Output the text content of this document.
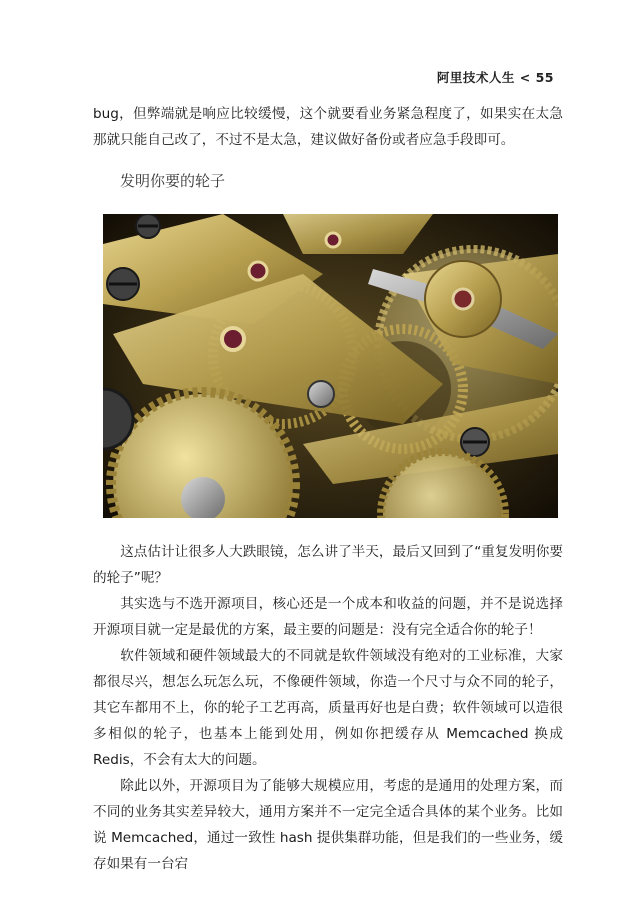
阿里技术人生 < 55

bug，但弊端就是响应比较缓慢，这个就要看业务紧急程度了，如果实在太急那就只能自己改了，不过不是太急，建议做好备份或者应急手段即可。

发明你要的轮子

这点估计让很多人大跌眼镜，怎么讲了半天，最后又回到了“重复发明你要的轮子”呢？

其实选与不选开源项目，核心还是一个成本和收益的问题，并不是说选择开源项目就一定是最优的方案，最主要的问题是：没有完全适合你的轮子！

软件领域和硬件领域最大的不同就是软件领域没有绝对的工业标准，大家都很尽兴，想怎么玩怎么玩，不像硬件领域，你造一个尺寸与众不同的轮子，其它车都用不上，你的轮子工艺再高，质量再好也是白费；软件领域可以造很多相似的轮子，也基本上能到处用，例如你把缓存从 Memcached 换成 Redis，不会有太大的问题。

除此以外，开源项目为了能够大规模应用，考虑的是通用的处理方案，而不同的业务其实差异较大，通用方案并不一定完全适合具体的某个业务。比如说 Memcached，通过一致性 hash 提供集群功能，但是我们的一些业务，缓存如果有一台宕
